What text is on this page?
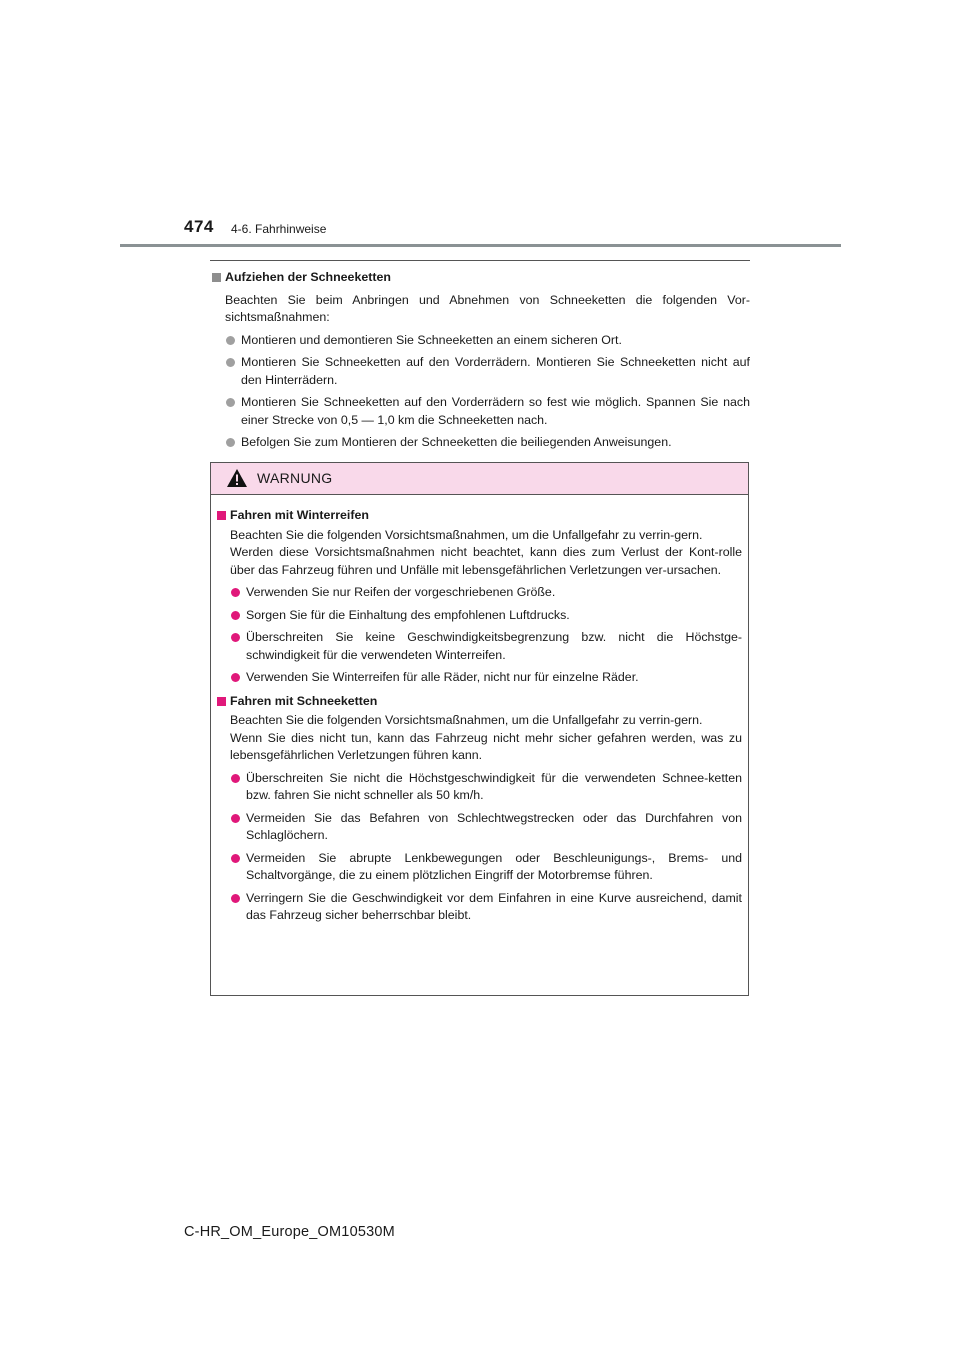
474 4-6. Fahrhinweise
Aufziehen der Schneeketten
Beachten Sie beim Anbringen und Abnehmen von Schneeketten die folgenden Vor-sichtsmaßnahmen:
Montieren und demontieren Sie Schneeketten an einem sicheren Ort.
Montieren Sie Schneeketten auf den Vorderrädern. Montieren Sie Schneeketten nicht auf den Hinterrädern.
Montieren Sie Schneeketten auf den Vorderrädern so fest wie möglich. Spannen Sie nach einer Strecke von 0,5 — 1,0 km die Schneeketten nach.
Befolgen Sie zum Montieren der Schneeketten die beiliegenden Anweisungen.
WARNUNG
Fahren mit Winterreifen
Beachten Sie die folgenden Vorsichtsmaßnahmen, um die Unfallgefahr zu verrin-gern.
Werden diese Vorsichtsmaßnahmen nicht beachtet, kann dies zum Verlust der Kont-rolle über das Fahrzeug führen und Unfälle mit lebensgefährlichen Verletzungen ver-ursachen.
Verwenden Sie nur Reifen der vorgeschriebenen Größe.
Sorgen Sie für die Einhaltung des empfohlenen Luftdrucks.
Überschreiten Sie keine Geschwindigkeitsbegrenzung bzw. nicht die Höchstge-schwindigkeit für die verwendeten Winterreifen.
Verwenden Sie Winterreifen für alle Räder, nicht nur für einzelne Räder.
Fahren mit Schneeketten
Beachten Sie die folgenden Vorsichtsmaßnahmen, um die Unfallgefahr zu verrin-gern.
Wenn Sie dies nicht tun, kann das Fahrzeug nicht mehr sicher gefahren werden, was zu lebensgefährlichen Verletzungen führen kann.
Überschreiten Sie nicht die Höchstgeschwindigkeit für die verwendeten Schnee-ketten bzw. fahren Sie nicht schneller als 50 km/h.
Vermeiden Sie das Befahren von Schlechtwegstrecken oder das Durchfahren von Schlaglöchern.
Vermeiden Sie abrupte Lenkbewegungen oder Beschleunigungs-, Brems- und Schaltvorgänge, die zu einem plötzlichen Eingriff der Motorbremse führen.
Verringern Sie die Geschwindigkeit vor dem Einfahren in eine Kurve ausreichend, damit das Fahrzeug sicher beherrschbar bleibt.
C-HR_OM_Europe_OM10530M
